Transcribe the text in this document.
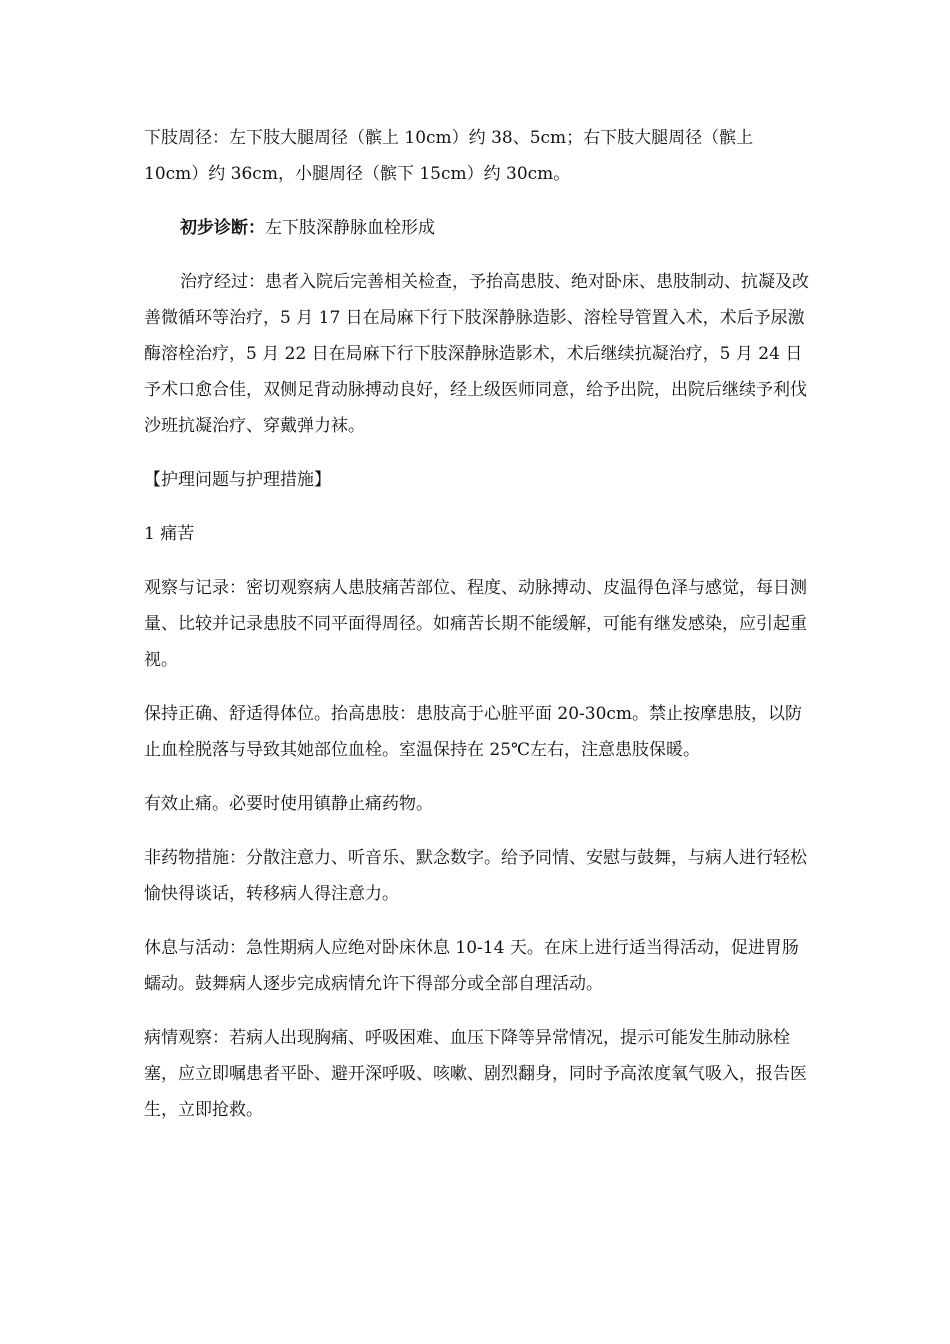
下肢周径：左下肢大腿周径（髌上 10cm）约 38、5cm；右下肢大腿周径（髌上 10cm）约 36cm，小腿周径（髌下 15cm）约 30cm。

初步诊断：左下肢深静脉血栓形成

治疗经过：患者入院后完善相关检查，予抬高患肢、绝对卧床、患肢制动、抗凝及改善微循环等治疗，5 月 17 日在局麻下行下肢深静脉造影、溶栓导管置入术，术后予尿激酶溶栓治疗，5 月 22 日在局麻下行下肢深静脉造影术，术后继续抗凝治疗，5 月 24 日予术口愈合佳，双侧足背动脉搏动良好，经上级医师同意，给予出院，出院后继续予利伐沙班抗凝治疗、穿戴弹力袜。

【护理问题与护理措施】

1 痛苦

观察与记录：密切观察病人患肢痛苦部位、程度、动脉搏动、皮温得色泽与感觉，每日测量、比较并记录患肢不同平面得周径。如痛苦长期不能缓解，可能有继发感染，应引起重视。

保持正确、舒适得体位。抬高患肢：患肢高于心脏平面 20-30cm。禁止按摩患肢，以防止血栓脱落与导致其她部位血栓。室温保持在 25℃左右，注意患肢保暖。

有效止痛。必要时使用镇静止痛药物。

非药物措施：分散注意力、听音乐、默念数字。给予同情、安慰与鼓舞，与病人进行轻松愉快得谈话，转移病人得注意力。

休息与活动：急性期病人应绝对卧床休息 10-14 天。在床上进行适当得活动，促进胃肠蠕动。鼓舞病人逐步完成病情允许下得部分或全部自理活动。

病情观察：若病人出现胸痛、呼吸困难、血压下降等异常情况，提示可能发生肺动脉栓塞，应立即嘱患者平卧、避开深呼吸、咳嗽、剧烈翻身，同时予高浓度氧气吸入，报告医生，立即抢救。
